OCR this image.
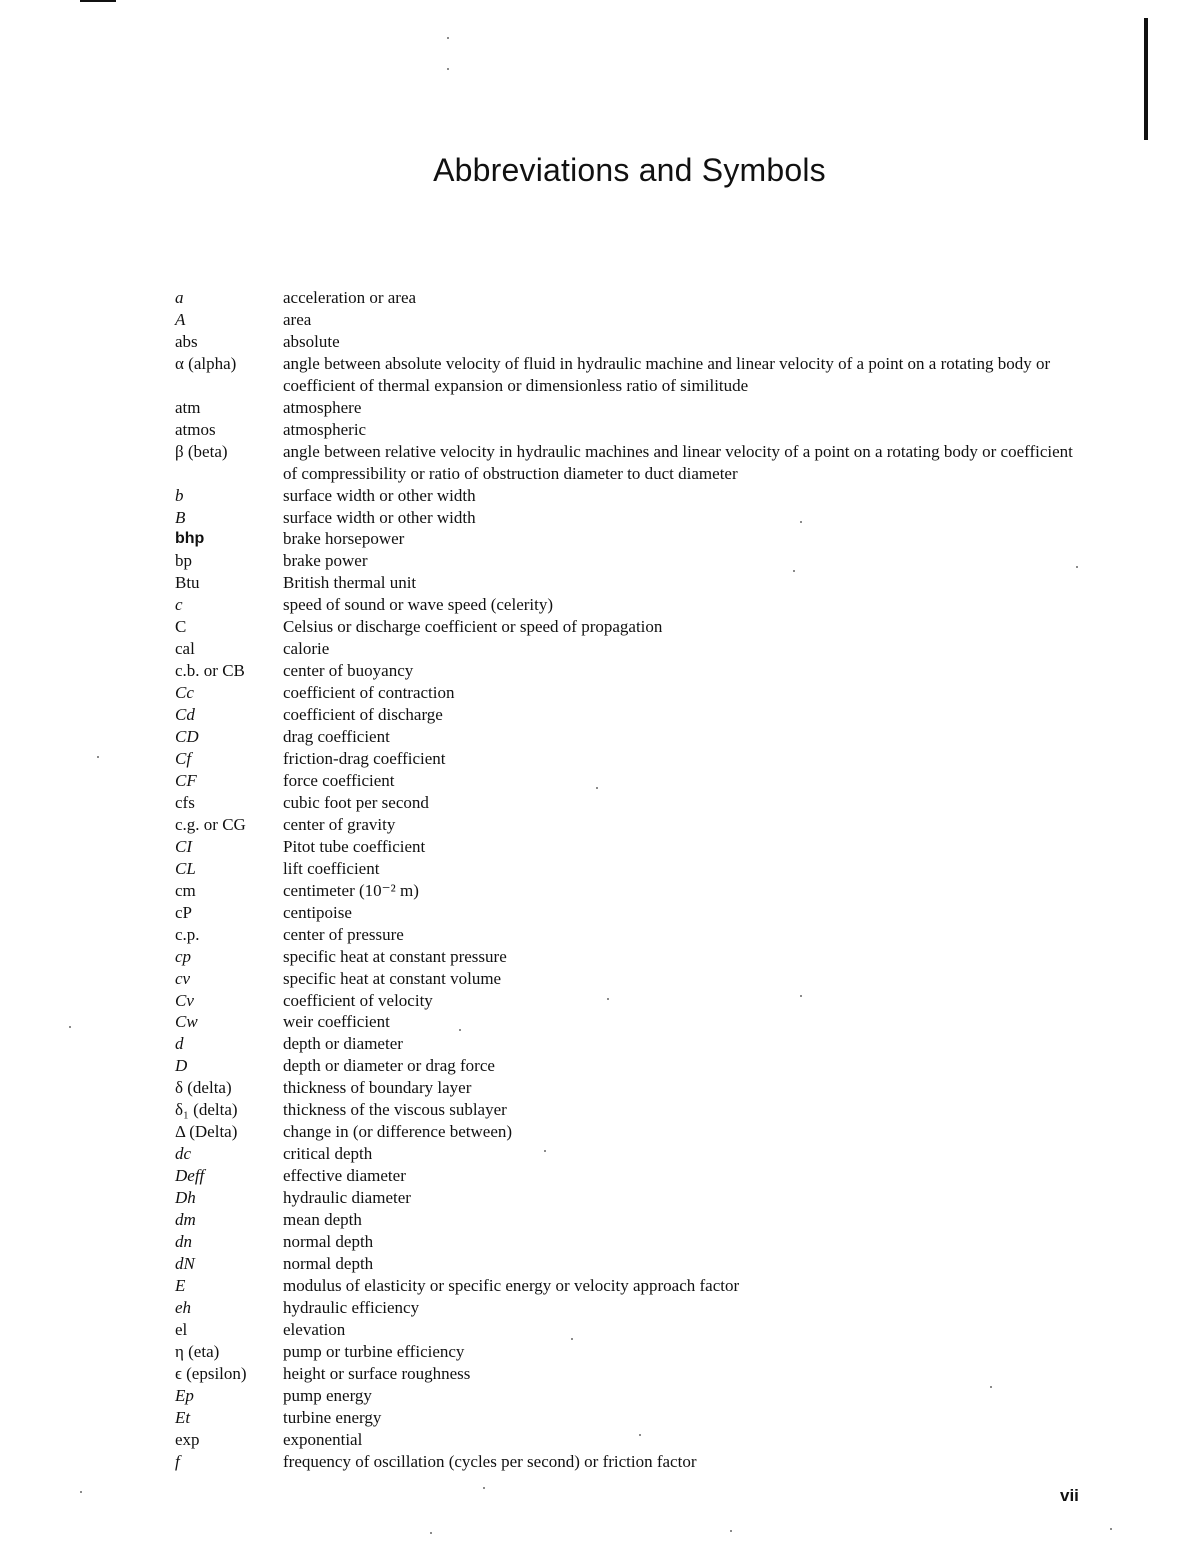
Abbreviations and Symbols
a	acceleration or area
A	area
abs	absolute
α (alpha)	angle between absolute velocity of fluid in hydraulic machine and linear velocity of a point on a rotating body or coefficient of thermal expansion or dimensionless ratio of similitude
atm	atmosphere
atmos	atmospheric
β (beta)	angle between relative velocity in hydraulic machines and linear velocity of a point on a rotating body or coefficient of compressibility or ratio of obstruction diameter to duct diameter
b	surface width or other width
B	surface width or other width
bhp	brake horsepower
bp	brake power
Btu	British thermal unit
c	speed of sound or wave speed (celerity)
C	Celsius or discharge coefficient or speed of propagation
cal	calorie
c.b. or CB	center of buoyancy
Cc	coefficient of contraction
Cd	coefficient of discharge
CD	drag coefficient
Cf	friction-drag coefficient
CF	force coefficient
cfs	cubic foot per second
c.g. or CG	center of gravity
CI	Pitot tube coefficient
CL	lift coefficient
cm	centimeter (10⁻² m)
cP	centipoise
c.p.	center of pressure
cp	specific heat at constant pressure
cv	specific heat at constant volume
Cv	coefficient of velocity
Cw	weir coefficient
d	depth or diameter
D	depth or diameter or drag force
δ (delta)	thickness of boundary layer
δ₁ (delta)	thickness of the viscous sublayer
Δ (Delta)	change in (or difference between)
dc	critical depth
Deff	effective diameter
Dh	hydraulic diameter
dm	mean depth
dn	normal depth
dN	normal depth
E	modulus of elasticity or specific energy or velocity approach factor
eh	hydraulic efficiency
el	elevation
η (eta)	pump or turbine efficiency
ϵ (epsilon)	height or surface roughness
Ep	pump energy
Et	turbine energy
exp	exponential
f	frequency of oscillation (cycles per second) or friction factor
vii
